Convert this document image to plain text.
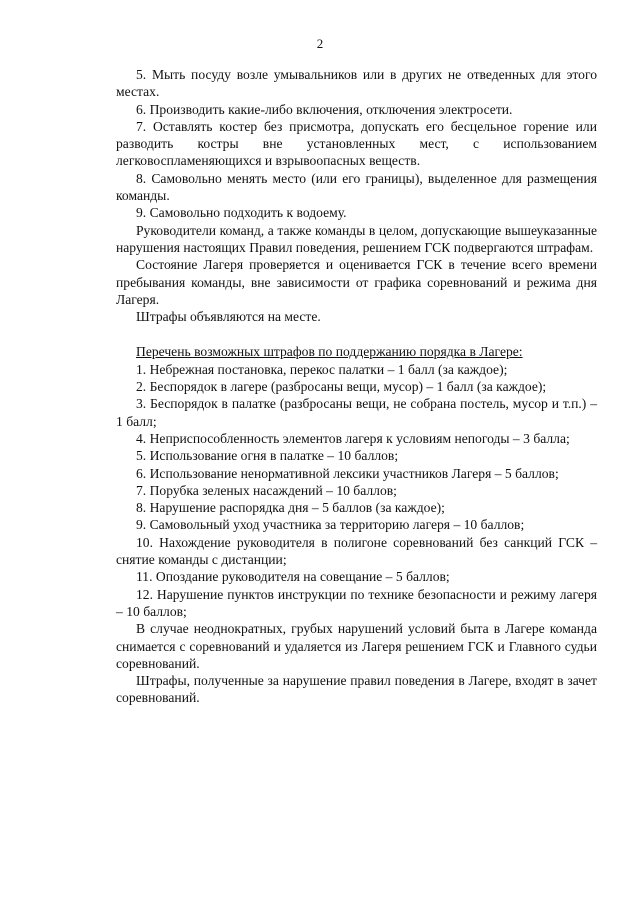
2

5. Мыть посуду возле умывальников или в других не отведенных для этого местах.

6. Производить какие-либо включения, отключения электросети.

7. Оставлять костер без присмотра, допускать его бесцельное горение или разводить костры вне установленных мест, с использованием легковоспламеняющихся и взрывоопасных веществ.

8. Самовольно менять место (или его границы), выделенное для размещения команды.

9. Самовольно подходить к водоему.

Руководители команд, а также команды в целом, допускающие вышеуказанные нарушения настоящих Правил поведения, решением ГСК подвергаются штрафам.

Состояние Лагеря проверяется и оценивается ГСК в течение всего времени пребывания команды, вне зависимости от графика соревнований и режима дня Лагеря.

Штрафы объявляются на месте.

Перечень возможных штрафов по поддержанию порядка в Лагере:

1. Небрежная постановка, перекос палатки – 1 балл (за каждое);

2. Беспорядок в лагере (разбросаны вещи, мусор) – 1 балл (за каждое);

3. Беспорядок в палатке (разбросаны вещи, не собрана постель, мусор и т.п.) – 1 балл;

4. Неприспособленность элементов лагеря к условиям непогоды – 3 балла;

5. Использование огня в палатке – 10 баллов;

6. Использование ненормативной лексики участников Лагеря – 5 баллов;

7. Порубка зеленых насаждений – 10 баллов;

8. Нарушение распорядка дня – 5 баллов (за каждое);

9. Самовольный уход участника за территорию лагеря – 10 баллов;

10. Нахождение руководителя в полигоне соревнований без санкций ГСК – снятие команды с дистанции;

11. Опоздание руководителя на совещание – 5 баллов;

12. Нарушение пунктов инструкции по технике безопасности и режиму лагеря – 10 баллов;

В случае неоднократных, грубых нарушений условий быта в Лагере команда снимается с соревнований и удаляется из Лагеря решением ГСК и Главного судьи соревнований.

Штрафы, полученные за нарушение правил поведения в Лагере, входят в зачет соревнований.
